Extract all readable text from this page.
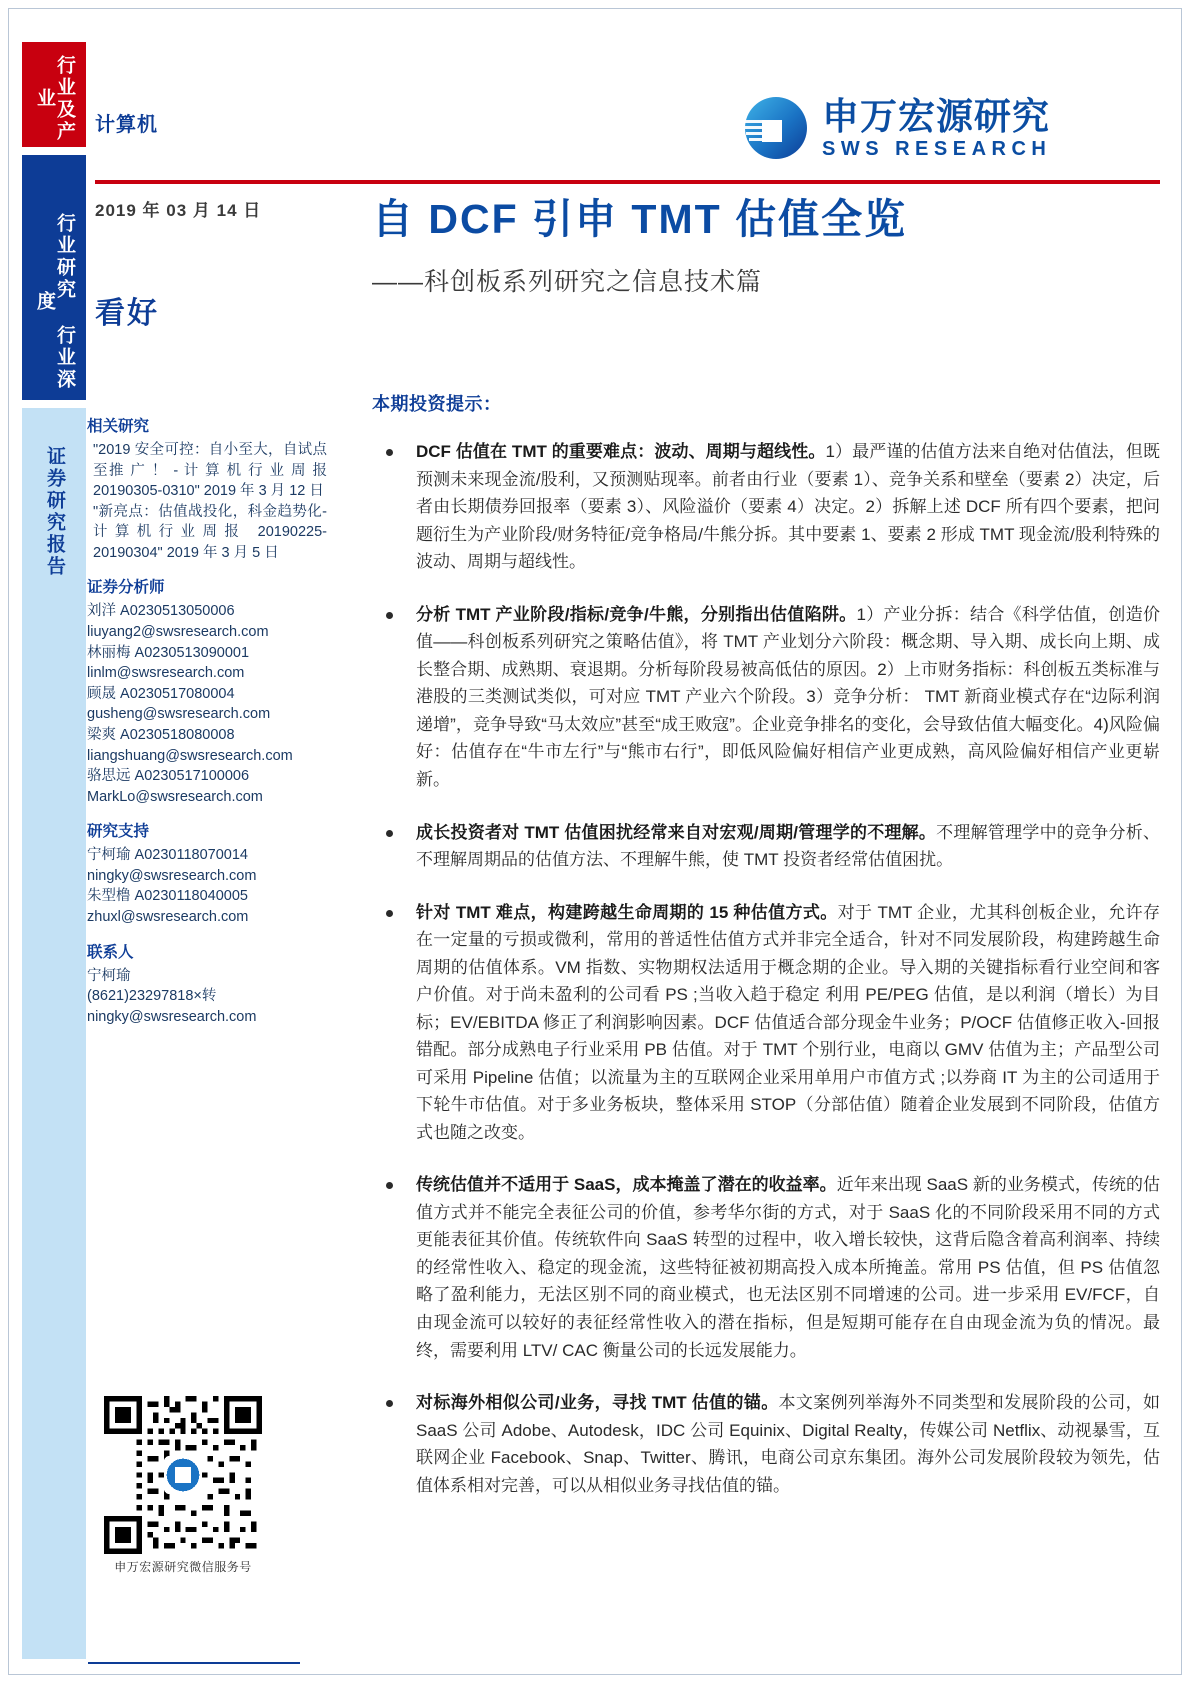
行业及产业
行业研究 行业深度
证券研究报告
计算机	申万宏源研究
SWS RESEARCH
2019 年 03 月 14 日
看好
相关研究
"2019 安全可控：自小至大，自试点至推 广 ！ - 计 算 机 行 业 周 报 20190305-0310" 2019 年 3 月 12 日
"新亮点：估值战投化，科金趋势化-计算机行业周报 20190225-20190304" 2019 年 3 月 5 日
证券分析师
刘洋 A0230513050006
liuyang2@swsresearch.com
林丽梅 A0230513090001
linlm@swsresearch.com
顾晟 A0230517080004
gusheng@swsresearch.com
梁爽 A0230518080008
liangshuang@swsresearch.com
骆思远 A0230517100006
MarkLo@swsresearch.com
研究支持
宁柯瑜 A0230118070014
ningky@swsresearch.com
朱型橹 A0230118040005
zhuxl@swsresearch.com
联系人
宁柯瑜
(8621)23297818×转
ningky@swsresearch.com
申万宏源研究微信服务号
自 DCF 引申 TMT 估值全览
——科创板系列研究之信息技术篇
本期投资提示：
DCF 估值在 TMT 的重要难点：波动、周期与超线性。1）最严谨的估值方法来自绝对估值法，但既预测未来现金流/股利，又预测贴现率。前者由行业（要素 1）、竞争关系和壁垒（要素 2）决定，后者由长期债券回报率（要素 3）、风险溢价（要素 4）决定。2）拆解上述 DCF 所有四个要素，把问题衍生为产业阶段/财务特征/竞争格局/牛熊分拆。其中要素 1、要素 2 形成 TMT 现金流/股利特殊的波动、周期与超线性。
分析 TMT 产业阶段/指标/竞争/牛熊，分别指出估值陷阱。1）产业分拆：结合《科学估值，创造价值——科创板系列研究之策略估值》，将 TMT 产业划分六阶段：概念期、导入期、成长向上期、成长整合期、成熟期、衰退期。分析每阶段易被高低估的原因。2）上市财务指标：科创板五类标准与港股的三类测试类似，可对应 TMT 产业六个阶段。3）竞争分析： TMT 新商业模式存在“边际利润递增”，竞争导致“马太效应”甚至“成王败寇”。企业竞争排名的变化，会导致估值大幅变化。4)风险偏好：估值存在“牛市左行”与“熊市右行”，即低风险偏好相信产业更成熟，高风险偏好相信产业更崭新。
成长投资者对 TMT 估值困扰经常来自对宏观/周期/管理学的不理解。不理解管理学中的竞争分析、不理解周期品的估值方法、不理解牛熊，使 TMT 投资者经常估值困扰。
针对 TMT 难点，构建跨越生命周期的 15 种估值方式。对于 TMT 企业，尤其科创板企业，允许存在一定量的亏损或微利，常用的普适性估值方式并非完全适合，针对不同发展阶段，构建跨越生命周期的估值体系。VM 指数、实物期权法适用于概念期的企业。导入期的关键指标看行业空间和客户价值。对于尚未盈利的公司看 PS ;当收入趋于稳定 利用 PE/PEG 估值，是以利润（增长）为目标；EV/EBITDA 修正了利润影响因素。DCF 估值适合部分现金牛业务；P/OCF 估值修正收入-回报错配。部分成熟电子行业采用 PB 估值。对于 TMT 个别行业，电商以 GMV 估值为主；产品型公司可采用 Pipeline 估值；以流量为主的互联网企业采用单用户市值方式 ;以券商 IT 为主的公司适用于下轮牛市估值。对于多业务板块，整体采用 STOP（分部估值）随着企业发展到不同阶段，估值方式也随之改变。
传统估值并不适用于 SaaS，成本掩盖了潜在的收益率。近年来出现 SaaS 新的业务模式，传统的估值方式并不能完全表征公司的价值，参考华尔街的方式，对于 SaaS 化的不同阶段采用不同的方式更能表征其价值。传统软件向 SaaS 转型的过程中，收入增长较快，这背后隐含着高利润率、持续的经常性收入、稳定的现金流，这些特征被初期高投入成本所掩盖。常用 PS 估值，但 PS 估值忽略了盈利能力，无法区别不同的商业模式，也无法区别不同增速的公司。进一步采用 EV/FCF，自由现金流可以较好的表征经常性收入的潜在指标，但是短期可能存在自由现金流为负的情况。最终，需要利用 LTV/ CAC 衡量公司的长远发展能力。
对标海外相似公司/业务，寻找 TMT 估值的锚。本文案例列举海外不同类型和发展阶段的公司，如 SaaS 公司 Adobe、Autodesk，IDC 公司 Equinix、Digital Realty，传媒公司 Netflix、动视暴雪，互联网企业 Facebook、Snap、Twitter、腾讯，电商公司京东集团。海外公司发展阶段较为领先，估值体系相对完善，可以从相似业务寻找估值的锚。
